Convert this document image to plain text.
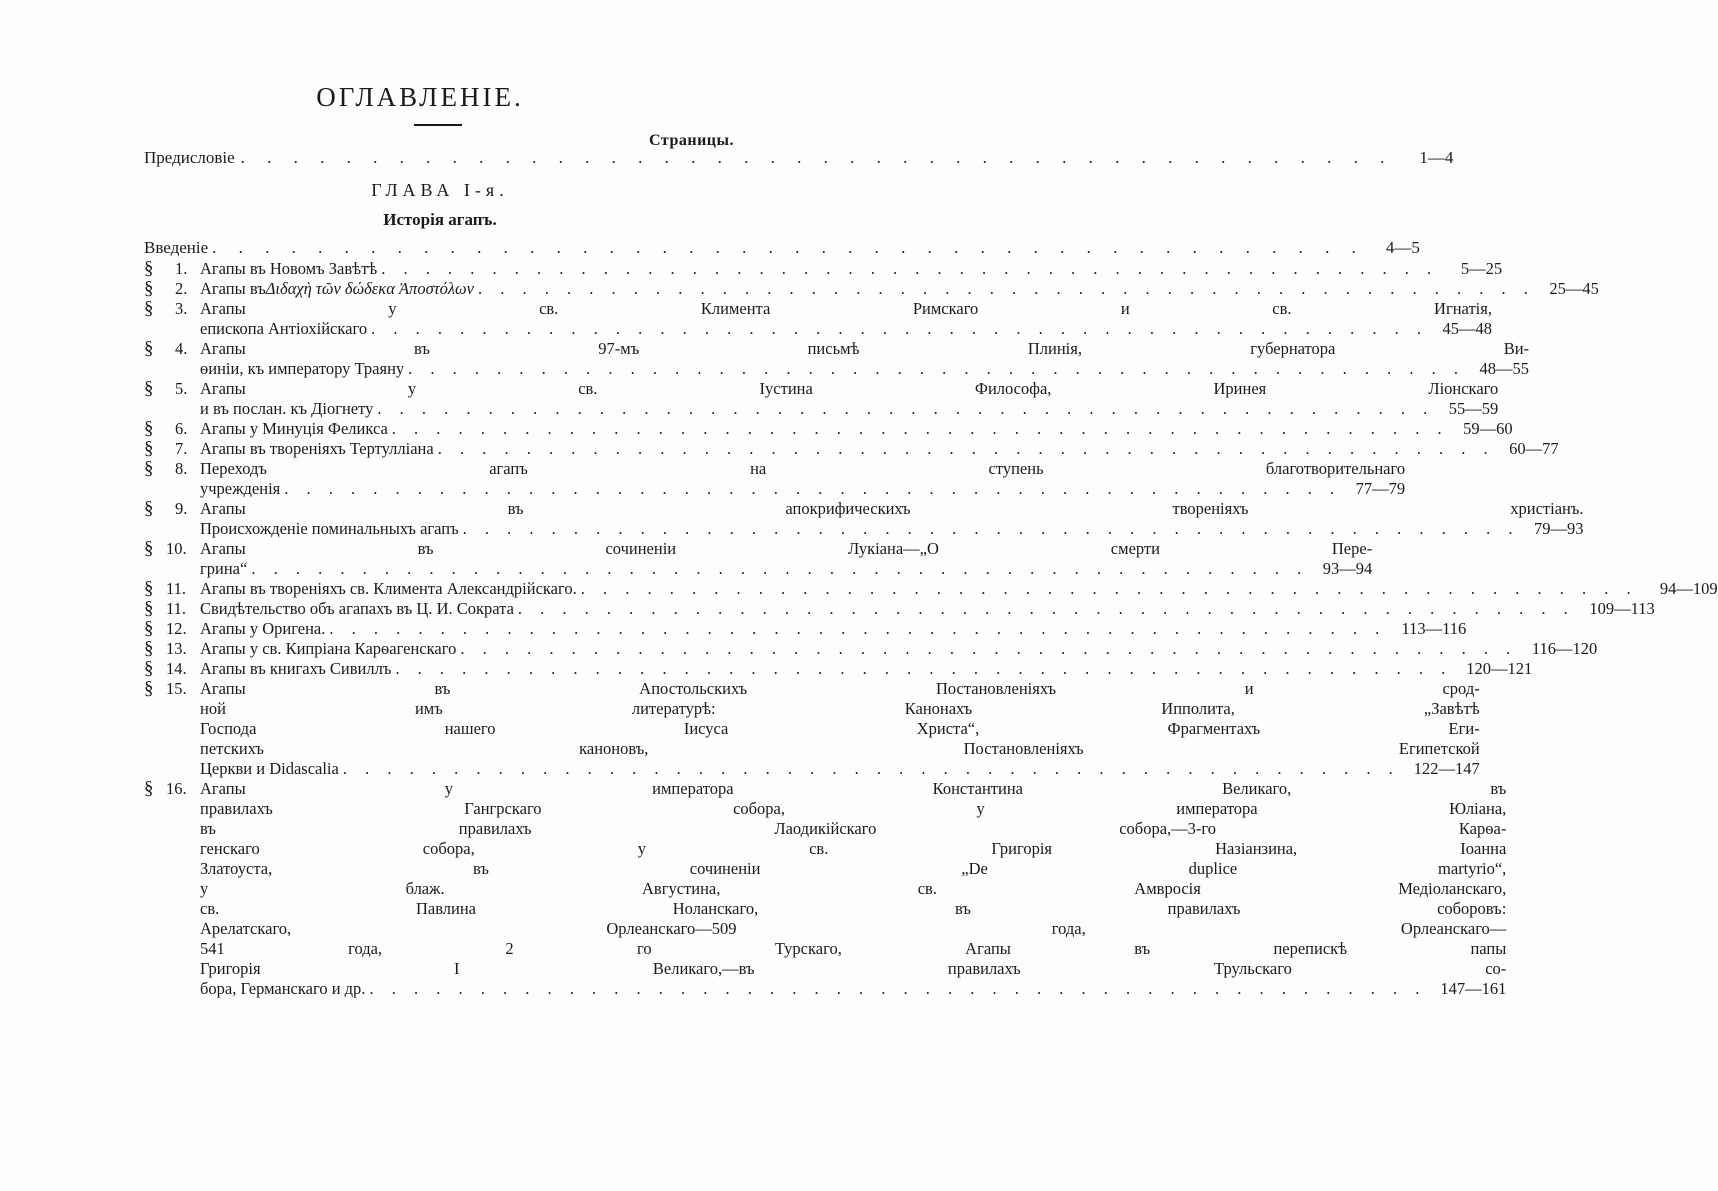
ОГЛАВЛЕНІЕ.
Страницы.
Предисловіе . . . . . . . . . . . . . . . . . . . . . . . . . . . . . . . . . . . . . . . . . . . .	1—4
ГЛАВА І-я.
Исторія агапъ.
Введеніе . . . . . . . . . . . . . . . . . . . . . . . . . . . . . . . . . . . . . . . . . . . .	4—5
§ 1. Агапы въ Новомъ Завѣтѣ . . . . . . . . . . . . . . . . . . . . . . . . . . . . . . . . . . . . . . . . . . . . . . . .	5—25
§ 2. Агапы въ Διδαχὴ τῶν δώδεκα Ἀποστόλων . . . . . . . . . . . . . . . . . . . . . . . . . . . . . . . . . . . . . . . . . . . . . . . . 25—45
§ 3. Агапы у св. Климента Римскаго и св. Игнатія,
епископа Антіохійскаго . . . . . . . . . . . . . . . . . . . . . . . . . . . . . . . . . . . . . . . . . . . . . . . . 45—48
§ 4. Агапы въ 97-мъ письмѣ Плинія, губернатора Ви-
ѳиніи, къ императору Траяну . . . . . . . . . . . . . . . . . . . . . . . . . . . . . . . . . . . . . . . . . . . . . . . . 48—55
§ 5. Агапы у св. Іустина Философа, Иринея Ліонскаго
и въ послан. къ Діогнету . . . . . . . . . . . . . . . . . . . . . . . . . . . . . . . . . . . . . . . . . . . . . . . . 55—59
§ 6. Агапы у Минуція Феликса . . . . . . . . . . . . . . . . . . . . . . . . . . . . . . . . . . . . . . . . . . . . . . . . 59—60
§ 7. Агапы въ твореніяхъ Тертулліана . . . . . . . . . . . . . . . . . . . . . . . . . . . . . . . . . . . . . . . . . . . . . . . . 60—77
§ 8. Переходъ агапъ на ступень благотворительнаго
учрежденія . . . . . . . . . . . . . . . . . . . . . . . . . . . . . . . . . . . . . . . . . . . . . . . . 77—79
§ 9. Агапы въ апокрифическихъ твореніяхъ христіанъ.
Происхожденіе поминальныхъ агапъ . . . . . . . . . . . . . . . . . . . . . . . . . . . . . . . . . . . . . . . . . . . . . . . . 79—93
§ 10. Агапы въ сочиненіи Лукіана—„О смерти Пере-
грина“ . . . . . . . . . . . . . . . . . . . . . . . . . . . . . . . . . . . . . . . . . . . . . . . . 93—94
§ 11. Агапы въ твореніяхъ св. Климента Александрійскаго. . . . . . . . . . . . . . . . . . . . . . . . . . . . . . . . . . . . . . . . . . . . . . . . .	94—109
§ 11. Свидѣтельство объ агапахъ въ Ц. И. Сократа . . . . . . . . . . . . . . . . . . . . . . . . . . . . . . . . . . . . . . . . . . . . . . . . 109—113
§ 12. Агапы у Оригена. . . . . . . . . . . . . . . . . . . . . . . . . . . . . . . . . . . . . . . . . . . . . . . . . 113—116
§ 13. Агапы у св. Кипріана Карѳагенскаго . . . . . . . . . . . . . . . . . . . . . . . . . . . . . . . . . . . . . . . . . . . . . . . . 116—120
§ 14. Агапы въ книгахъ Сивиллъ . . . . . . . . . . . . . . . . . . . . . . . . . . . . . . . . . . . . . . . . . . . . . . . . 120—121
§ 15. Агапы въ Апостольскихъ Постановленіяхъ и срод-
ной имъ литературѣ: Канонахъ Ипполита, „Завѣтѣ
Господа нашего Іисуса Христа“, Фрагментахъ Еги-
петскихъ каноновъ, Постановленіяхъ Египетской
Церкви и Didascalia . . . . . . . . . . . . . . . . . . . . . . . . . . . . . . . . . . . . . . . . . . . . . . . . 122—147
§ 16. Агапы у императора Константина Великаго, въ
правилахъ Гангрскаго собора, у императора Юліана,
въ правилахъ Лаодикійскаго собора,—3-го Карѳа-
генскаго собора, у св. Григорія Назіанзина, Іоанна
Златоуста, въ сочиненіи „De duplice martyrio“,
у блаж. Августина, св. Амвросія Медіоланскаго,
св. Павлина Ноланскаго, въ правилахъ соборовъ:
Арелатскаго, Орлеанскаго—509 года, Орлеанскаго—
541 года, 2 го Турскаго, Агапы въ перепискѣ папы
Григорія I Великаго,—въ правилахъ Трульскаго со-
бора, Германскаго и др. . . . . . . . . . . . . . . . . . . . . . . . . . . . . . . . . . . . . . . . . . . . . . . . . 147—161
